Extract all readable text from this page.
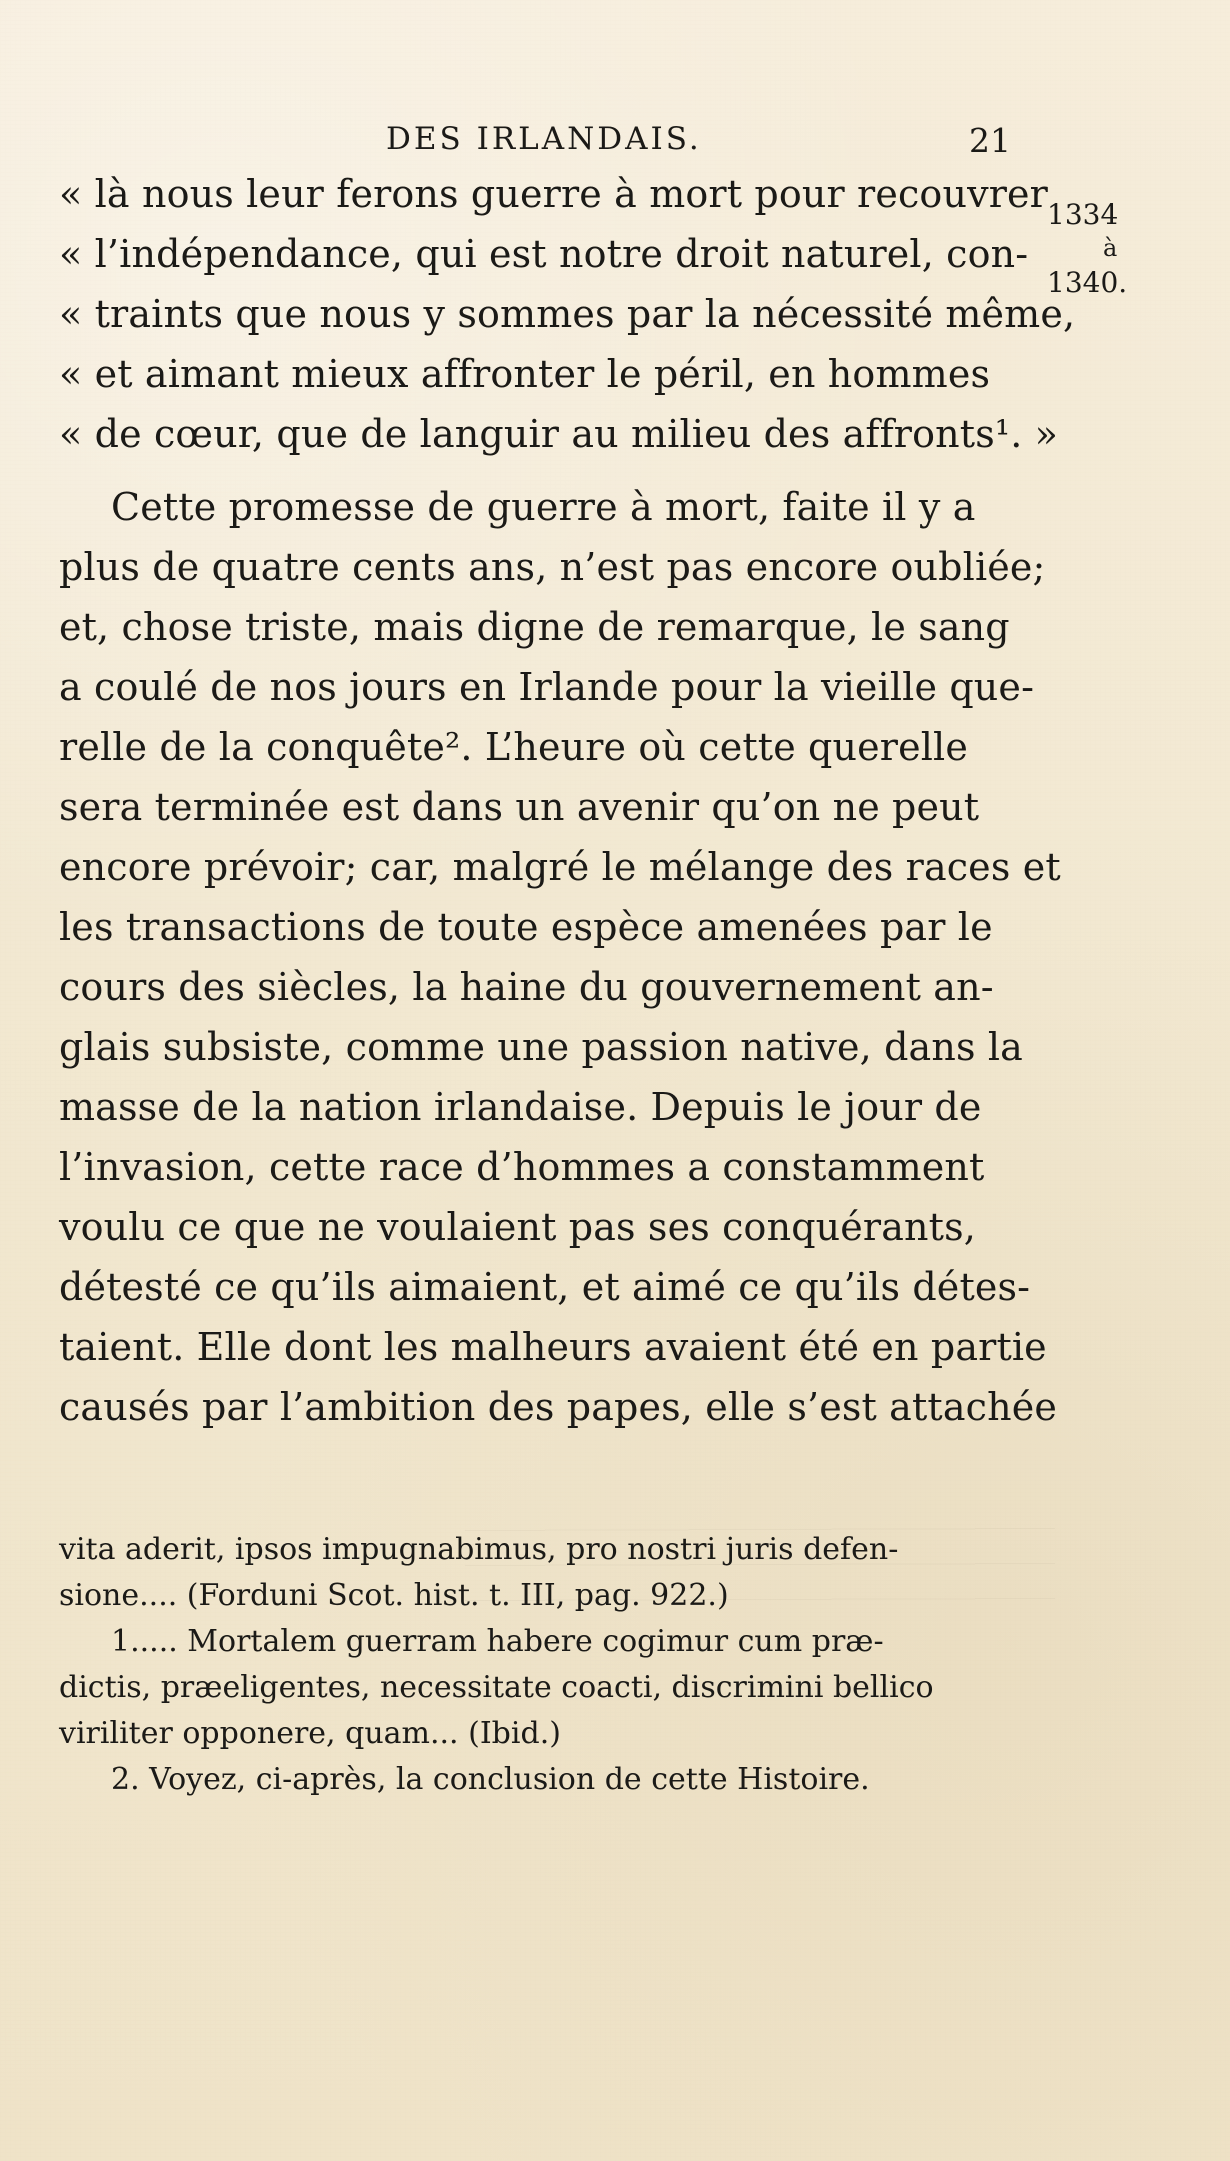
DES IRLANDAIS.	21
1334
à
1340.
« là nous leur ferons guerre à mort pour recouvrer
« l’indépendance, qui est notre droit naturel, con-
« traints que nous y sommes par la nécessité même,
« et aimant mieux affronter le péril, en hommes
« de cœur, que de languir au milieu des affronts¹. »
Cette promesse de guerre à mort, faite il y a
plus de quatre cents ans, n’est pas encore oubliée;
et, chose triste, mais digne de remarque, le sang
a coulé de nos jours en Irlande pour la vieille que-
relle de la conquête². L’heure où cette querelle
sera terminée est dans un avenir qu’on ne peut
encore prévoir; car, malgré le mélange des races et
les transactions de toute espèce amenées par le
cours des siècles, la haine du gouvernement an-
glais subsiste, comme une passion native, dans la
masse de la nation irlandaise. Depuis le jour de
l’invasion, cette race d’hommes a constamment
voulu ce que ne voulaient pas ses conquérants,
détesté ce qu’ils aimaient, et aimé ce qu’ils détes-
taient. Elle dont les malheurs avaient été en partie
causés par l’ambition des papes, elle s’est attachée
vita aderit, ipsos impugnabimus, pro nostri juris defen-
sione.... (Forduni Scot. hist. t. III, pag. 922.)
1..... Mortalem guerram habere cogimur cum præ-
dictis, præeligentes, necessitate coacti, discrimini bellico
viriliter opponere, quam... (Ibid.)
2. Voyez, ci-après, la conclusion de cette Histoire.
